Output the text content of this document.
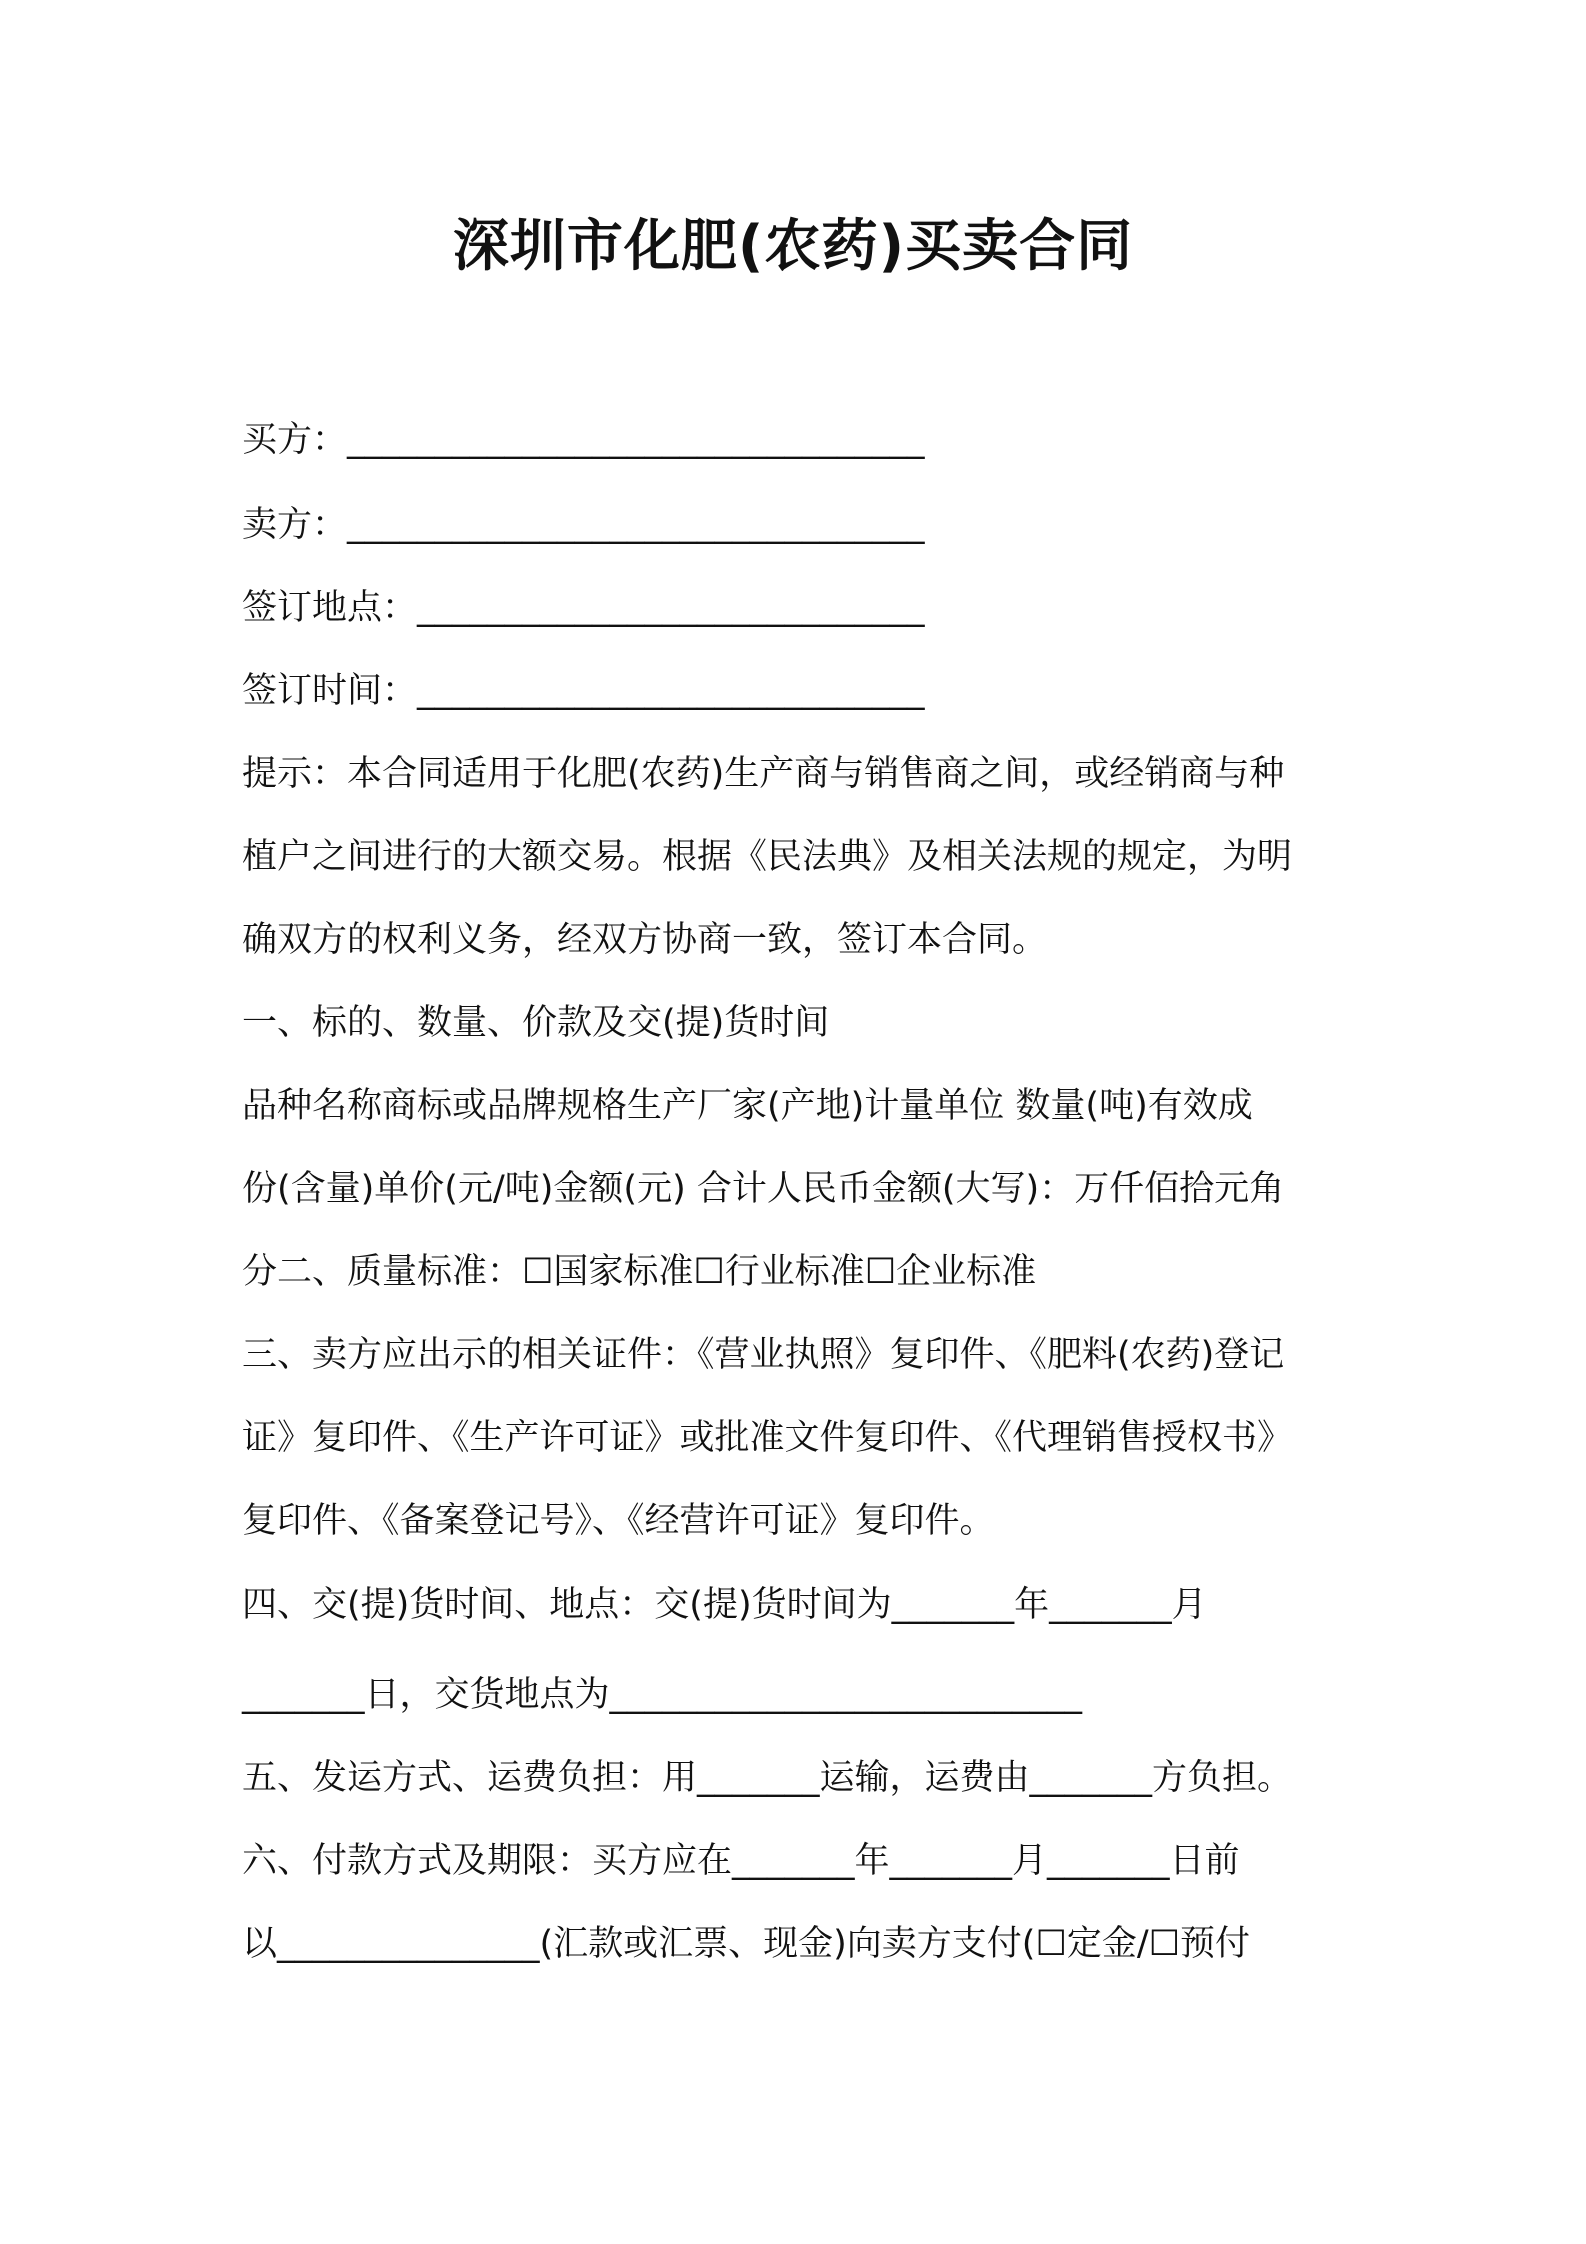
深圳市化肥(农药)买卖合同
买方：_________________________________
卖方：_________________________________
签订地点：_____________________________
签订时间：_____________________________
提示：本合同适用于化肥(农药)生产商与销售商之间，或经销商与种
植户之间进行的大额交易。根据《民法典》及相关法规的规定，为明
确双方的权利义务，经双方协商一致，签订本合同。
一、标的、数量、价款及交(提)货时间
品种名称商标或品牌规格生产厂家(产地)计量单位 数量(吨)有效成
份(含量)单价(元/吨)金额(元) 合计人民币金额(大写)：万仟佰拾元角
分二、质量标准：☐国家标准☐行业标准☐企业标准
三、卖方应出示的相关证件：《营业执照》复印件、《肥料(农药)登记
证》复印件、《生产许可证》或批准文件复印件、《代理销售授权书》
复印件、《备案登记号》、《经营许可证》复印件。
四、交(提)货时间、地点：交(提)货时间为_______年_______月
_______日，交货地点为___________________________
五、发运方式、运费负担：用_______运输，运费由_______方负担。
六、付款方式及期限：买方应在_______年_______月_______日前
以_______________(汇款或汇票、现金)向卖方支付(☐定金/☐预付
